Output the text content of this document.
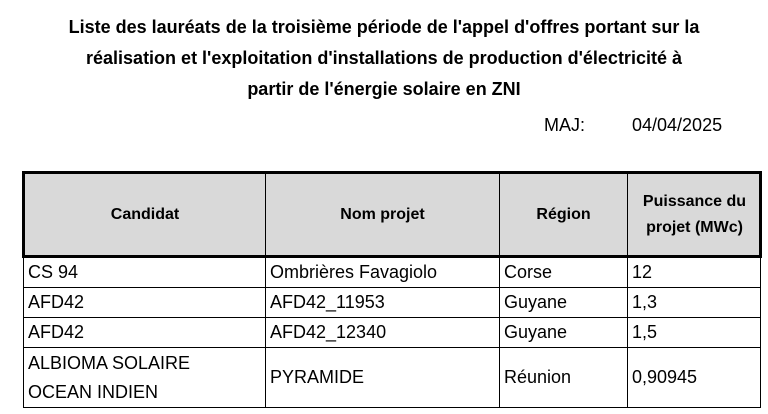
Liste des lauréats de la troisième période de l'appel d'offres portant sur la
réalisation et l'exploitation d'installations de production d'électricité à
partir de l'énergie solaire en ZNI
MAJ:	04/04/2025
Candidat	Nom projet	Région	Puissance du projet (MWc)
CS 94	Ombrières Favagiolo	Corse	12
AFD42	AFD42_11953	Guyane	1,3
AFD42	AFD42_12340	Guyane	1,5
ALBIOMA SOLAIRE
OCEAN INDIEN	PYRAMIDE	Réunion	0,90945
